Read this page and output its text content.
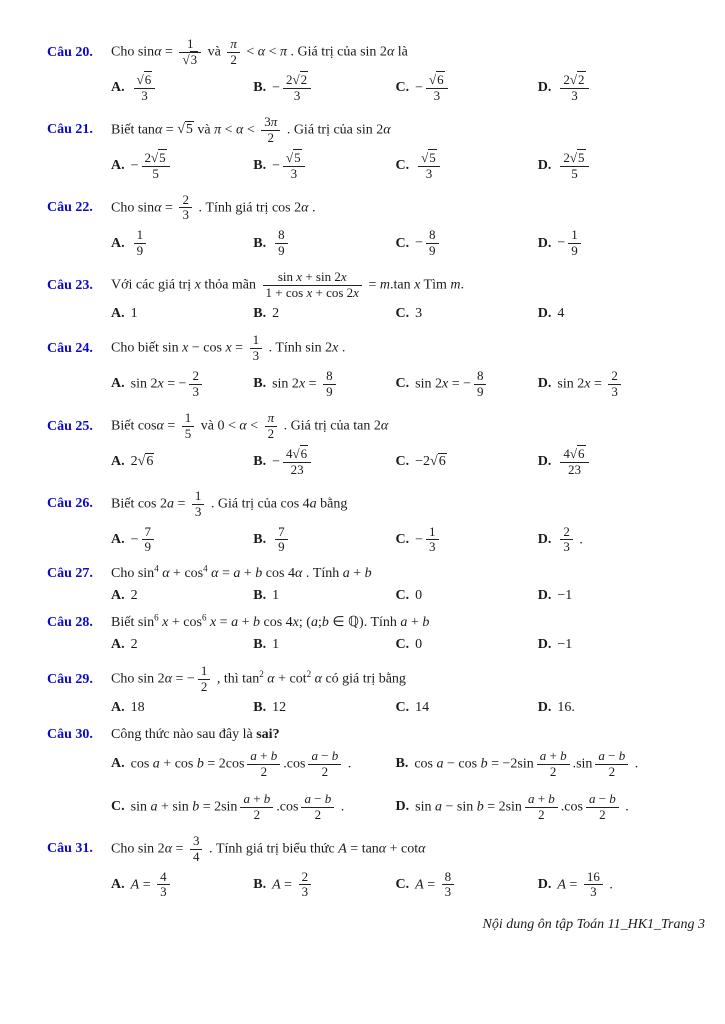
Câu 20.	Cho sinα = 1
√ 3 và $\frac{\pi}{2} < \alpha < \pi$ . Giá trị của sin 2α là
A. √ $\frac{6}{3}$	B. − $\frac{2 √ 2}{3}$	C. − √ $\frac{6}{3}$	D. $\frac{2 √ 2}{3}$
Câu 21.	Biết tanα = √ 5 và $\pi < \alpha < \frac{3\pi}{2}$ . Giá trị của sin 2α
A. − $\frac{2 √ 5}{5}$	B. − √ $\frac{5}{3}$	C. √ $\frac{5}{3}$	D. $\frac{2 √ 5}{5}$
Câu 22.	Cho $\sin\alpha = \frac{2}{3}$ . Tính giá trị cos 2α .
A. $\frac{1}{9}$	B. $\frac{8}{9}$	C. − $\frac{8}{9}$	D. − $\frac{1}{9}$
Câu 23.	Với các giá trị x thỏa mãn $\frac{\text{sin x + sin 2x}}{\text{1 + cos x + cos 2x}} = m.\tan$ x Tìm m.
A. 1	B. 2	C. 3	D. 4
Câu 24.	Cho biết $\sin x - \cos x = \frac{1}{3}$ . Tính sin 2x .
A. sin 2x = − $\frac{2}{3}$	B. $\sin 2x = \frac{8}{9}$	C. sin 2x = − $\frac{8}{9}$	D. $\sin 2x = \frac{2}{3}$
Câu 25.	Biết $\cos\alpha = \frac{1}{5}$ và $0 < \alpha < \frac{\pi}{2}$ . Giá trị của tan 2α
A. 2 √ 6	B. − $\frac{4 √ 6}{23}$	C. −2 √ 6	D. $\frac{4 √ 6}{23}$
Câu 26.	Biết $\cos 2a = \frac{1}{3}$ . Giá trị của cos 4a bằng
A. − $\frac{7}{9}$	B. $\frac{7}{9}$	C. − $\frac{1}{3}$	D. $\frac{2}{3}$ .
Câu 27.	Cho $\sin^4 \alpha + \cos^4 \alpha = a + b$ cos 4α . Tính a + b
A. 2	B. 1	C. 0	D. −1
Câu 28.	Biết $\sin^6 x + \cos^6 x = a + b$ cos 4x; (a;b ∈ ℚ). Tính a + b
A. 2	B. 1	C. 0	D. −1
Câu 29.	Cho sin 2α = − $\frac{1}{2}$ , thì $\tan^2 \alpha + \cot^2 \alpha$ có giá trị bằng
A. 18	B. 12	C. 14	D. 16.
Câu 30.	Công thức nào sau đây là sai?
A. $\cos a + \cos b = 2\cos \frac{a + b}{2} .\cos \frac{a - b}{2}$ .	B. $\cos a - \cos b = -2\sin \frac{a + b}{2} .\sin \frac{a - b}{2}$ .
C. $\sin a + \sin b = 2\sin \frac{a + b}{2} .\cos \frac{a - b}{2}$ .	D. $\sin a - \sin b = 2\sin \frac{a + b}{2} .\cos \frac{a - b}{2}$ .
Câu 31.	Cho $\sin 2\alpha = \frac{3}{4}$ . Tính giá trị biểu thức A = tanα + cotα
A. $A = \frac{4}{3}$	B. $A = \frac{2}{3}$	C. $A = \frac{8}{3}$	D. $A = \frac{16}{3}$ .
Nội dung ôn tập Toán 11_HK1_Trang 3
